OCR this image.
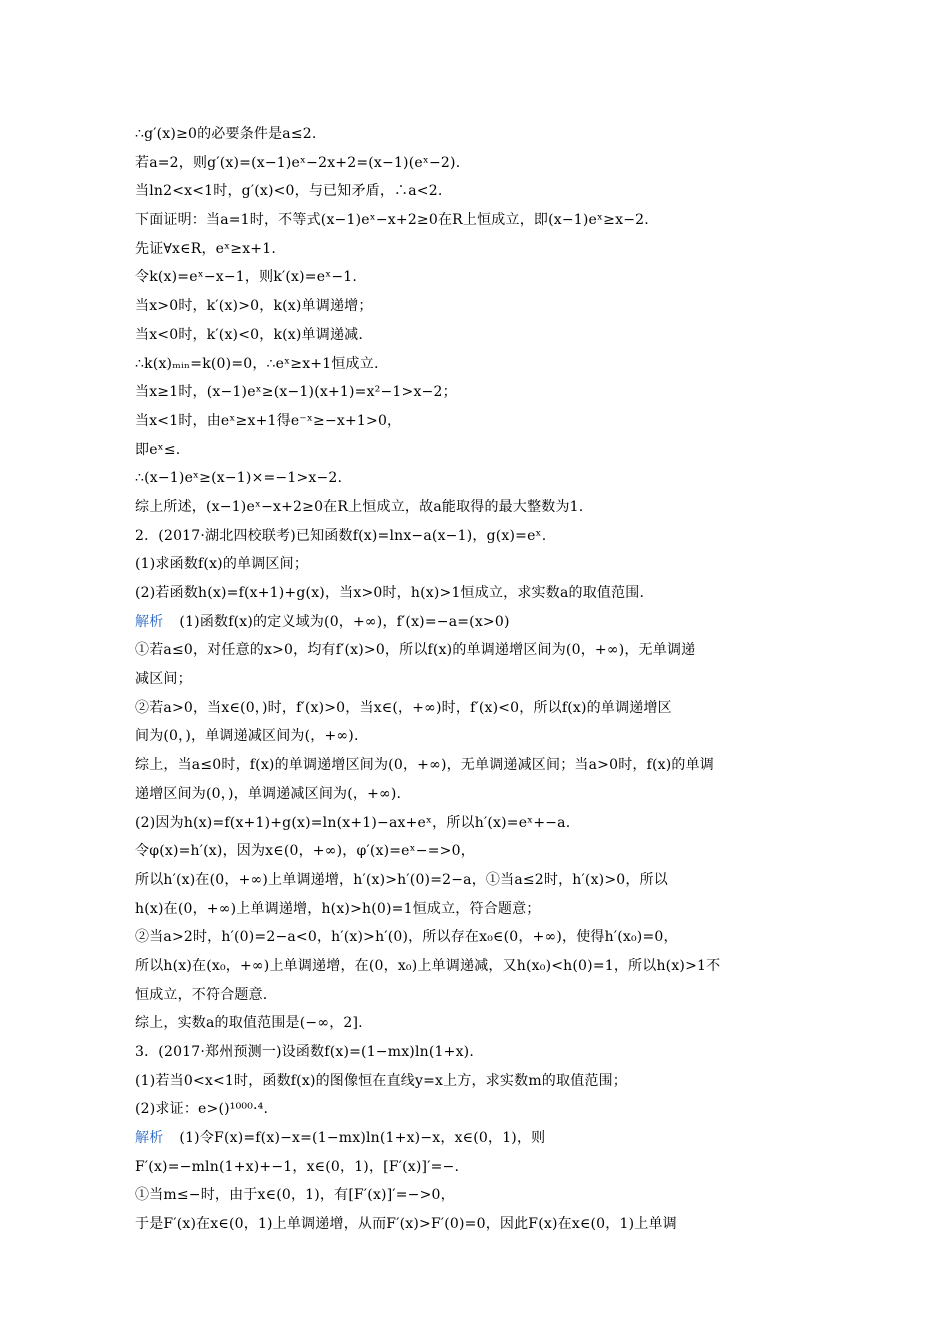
∴g′(x)≥0的必要条件是a≤2.
若a=2，则g′(x)=(x−1)eˣ−2x+2=(x−1)(eˣ−2).
当ln2<x<1时，g′(x)<0，与已知矛盾，∴a<2.
下面证明：当a=1时，不等式(x−1)eˣ−x+2≥0在R上恒成立，即(x−1)eˣ≥x−2.
先证∀x∈R，eˣ≥x+1.
令k(x)=eˣ−x−1，则k′(x)=eˣ−1.
当x>0时，k′(x)>0，k(x)单调递增；
当x<0时，k′(x)<0，k(x)单调递减.
∴k(x)ₘᵢₙ=k(0)=0，∴eˣ≥x+1恒成立.
当x≥1时，(x−1)eˣ≥(x−1)(x+1)=x²−1>x−2；
当x<1时，由eˣ≥x+1得e⁻ˣ≥−x+1>0，
即eˣ≤.
∴(x−1)eˣ≥(x−1)×=−1>x−2.
综上所述，(x−1)eˣ−x+2≥0在R上恒成立，故a能取得的最大整数为1.
2．(2017·湖北四校联考)已知函数f(x)=lnx−a(x−1)，g(x)=eˣ.
(1)求函数f(x)的单调区间；
(2)若函数h(x)=f(x+1)+g(x)，当x>0时，h(x)>1恒成立，求实数a的取值范围.
解析 (1)函数f(x)的定义域为(0，+∞)，f′(x)=−a=(x>0)
①若a≤0，对任意的x>0，均有f′(x)>0，所以f(x)的单调递增区间为(0，+∞)，无单调递
减区间；
②若a>0，当x∈(0，)时，f′(x)>0，当x∈(，+∞)时，f′(x)<0，所以f(x)的单调递增区
间为(0，)，单调递减区间为(，+∞).
综上，当a≤0时，f(x)的单调递增区间为(0，+∞)，无单调递减区间；当a>0时，f(x)的单调
递增区间为(0，)，单调递减区间为(，+∞).
(2)因为h(x)=f(x+1)+g(x)=ln(x+1)−ax+eˣ，所以h′(x)=eˣ+−a.
令φ(x)=h′(x)，因为x∈(0，+∞)，φ′(x)=eˣ−=>0，
所以h′(x)在(0，+∞)上单调递增，h′(x)>h′(0)=2−a，①当a≤2时，h′(x)>0，所以
h(x)在(0，+∞)上单调递增，h(x)>h(0)=1恒成立，符合题意；
②当a>2时，h′(0)=2−a<0，h′(x)>h′(0)，所以存在x₀∈(0，+∞)，使得h′(x₀)=0，
所以h(x)在(x₀，+∞)上单调递增，在(0，x₀)上单调递减，又h(x₀)<h(0)=1，所以h(x)>1不
恒成立，不符合题意.
综上，实数a的取值范围是(−∞，2].
3．(2017·郑州预测一)设函数f(x)=(1−mx)ln(1+x).
(1)若当0<x<1时，函数f(x)的图像恒在直线y=x上方，求实数m的取值范围；
(2)求证：e>()¹⁰⁰⁰·⁴.
解析 (1)令F(x)=f(x)−x=(1−mx)ln(1+x)−x，x∈(0，1)，则
F′(x)=−mln(1+x)+−1，x∈(0，1)，[F′(x)]′=−.
①当m≤−时，由于x∈(0，1)，有[F′(x)]′=−>0，
于是F′(x)在x∈(0，1)上单调递增，从而F′(x)>F′(0)=0，因此F(x)在x∈(0，1)上单调
